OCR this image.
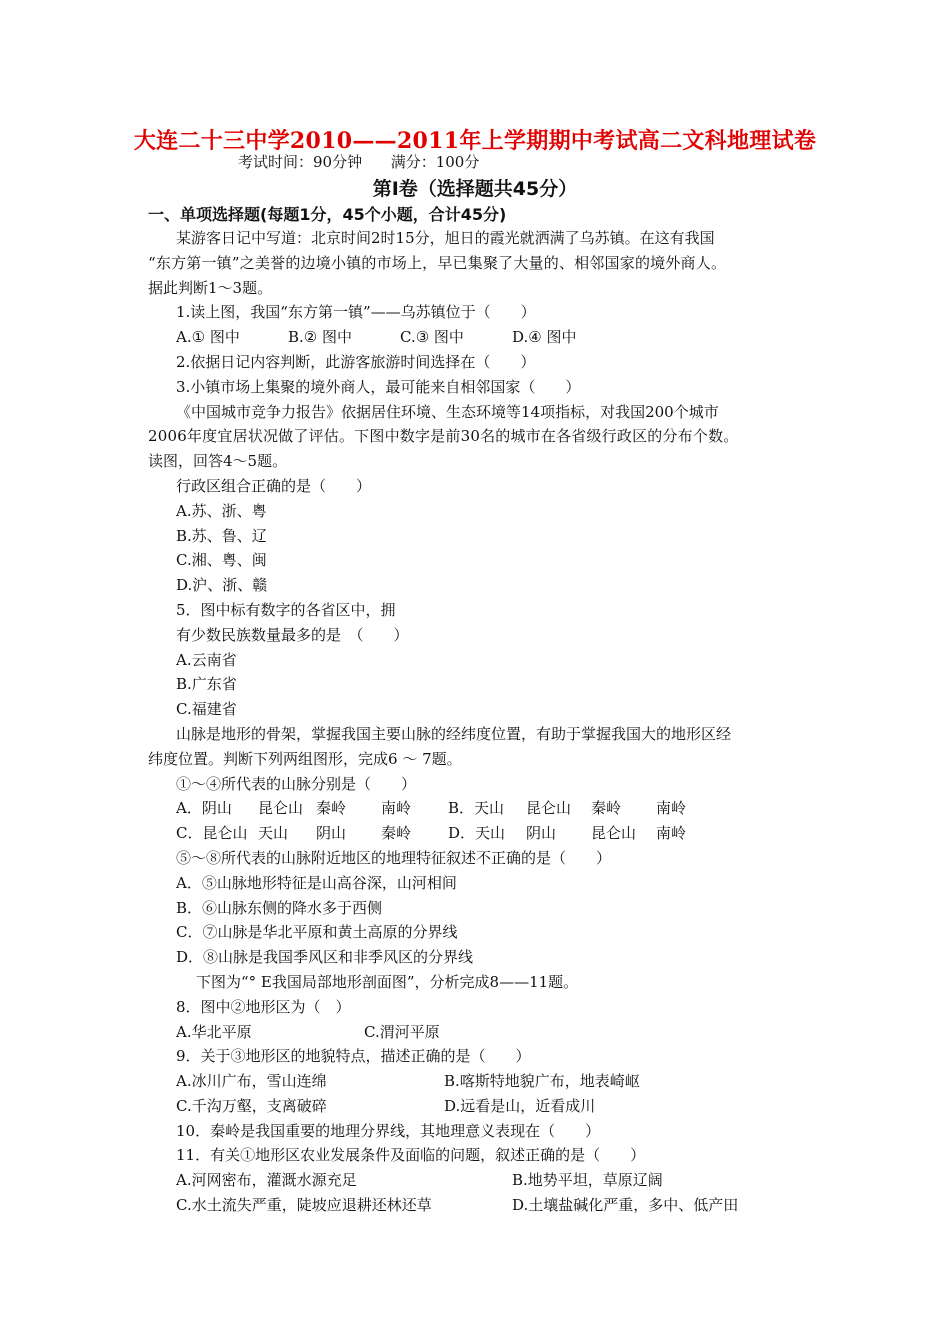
大连二十三中学2010——2011年上学期期中考试高二文科地理试卷
考试时间：90分钟 满分：100分
第Ⅰ卷（选择题共45分）
一、单项选择题(每题1分，45个小题，合计45分)
某游客日记中写道：北京时间2时15分，旭日的霞光就洒满了乌苏镇。在这有我国
“东方第一镇”之美誉的边境小镇的市场上，早已集聚了大量的、相邻国家的境外商人。
据此判断1～3题。
1.读上图，我国“东方第一镇”——乌苏镇位于（　　）
A.① 图中	B.② 图中	C.③ 图中	D.④ 图中
2.依据日记内容判断，此游客旅游时间选择在（　　）
3.小镇市场上集聚的境外商人，最可能来自相邻国家（　　）
《中国城市竞争力报告》依据居住环境、生态环境等14项指标，对我国200个城市
2006年度宜居状况做了评估。下图中数字是前30名的城市在各省级行政区的分布个数。
读图，回答4～5题。
行政区组合正确的是（　　）
A.苏、浙、粤
B.苏、鲁、辽
C.湘、粤、闽
D.沪、浙、赣
5．图中标有数字的各省区中，拥
有少数民族数量最多的是　（　　）
A.云南省
B.广东省
C.福建省
山脉是地形的骨架，掌握我国主要山脉的经纬度位置，有助于掌握我国大的地形区经
纬度位置。判断下列两组图形，完成6 ～ 7题。
①～④所代表的山脉分别是（　　）
A．阴山	昆仑山 秦岭	南岭	B．天山	昆仑山	秦岭	南岭
C．昆仑山 天山	阴山	秦岭	D．天山	阴山	昆仑山	南岭
⑤～⑧所代表的山脉附近地区的地理特征叙述不正确的是（　　）
A．⑤山脉地形特征是山高谷深，山河相间
B．⑥山脉东侧的降水多于西侧
C．⑦山脉是华北平原和黄土高原的分界线
D．⑧山脉是我国季风区和非季风区的分界线
下图为“° E我国局部地形剖面图”，分析完成8——11题。
8．图中②地形区为（　）
A.华北平原	C.渭河平原
9．关于③地形区的地貌特点，描述正确的是（　　）
A.冰川广布，雪山连绵	B.喀斯特地貌广布，地表崎岖
C.千沟万壑，支离破碎	D.远看是山，近看成川
10．秦岭是我国重要的地理分界线，其地理意义表现在（　　）
11．有关①地形区农业发展条件及面临的问题，叙述正确的是（　　）
A.河网密布，灌溉水源充足	B.地势平坦，草原辽阔
C.水土流失严重，陡坡应退耕还林还草	D.土壤盐碱化严重，多中、低产田
